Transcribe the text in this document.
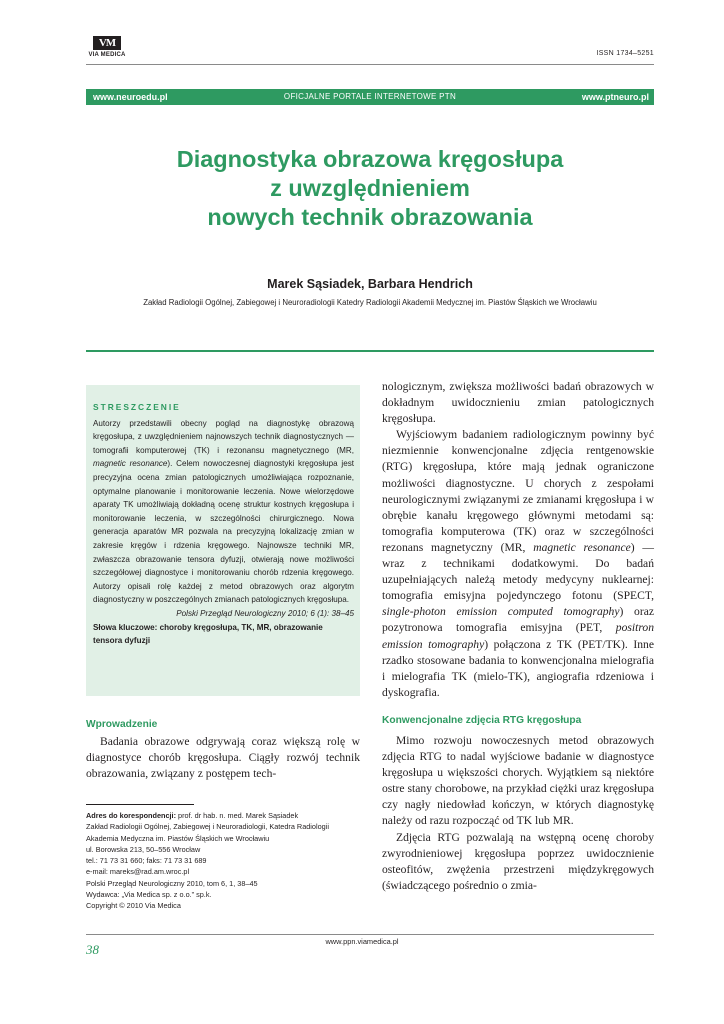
VM
VIA MEDICA	ISSN 1734–5251
www.neuroedu.pl	OFICJALNE PORTALE INTERNETOWE PTN	www.ptneuro.pl
Diagnostyka obrazowa kręgosłupa
z uwzględnieniem
nowych technik obrazowania
Marek Sąsiadek, Barbara Hendrich
Zakład Radiologii Ogólnej, Zabiegowej i Neuroradiologii Katedry Radiologii Akademii Medycznej im. Piastów Śląskich we Wrocławiu
STRESZCZENIE
Autorzy przedstawili obecny pogląd na diagnostykę obrazową kręgosłupa, z uwzględnieniem najnowszych technik diagnostycznych — tomografii komputerowej (TK) i rezonansu magnetycznego (MR, magnetic resonance). Celem nowoczesnej diagnostyki kręgosłupa jest precyzyjna ocena zmian patologicznych umożliwiająca rozpoznanie, optymalne planowanie i monitorowanie leczenia. Nowe wielorzędowe aparaty TK umożliwiają dokładną ocenę struktur kostnych kręgosłupa i monitorowanie leczenia, w szczególności chirurgicznego. Nowa generacja aparatów MR pozwala na precyzyjną lokalizację zmian w zakresie kręgów i rdzenia kręgowego. Najnowsze techniki MR, zwłaszcza obrazowanie tensora dyfuzji, otwierają nowe możliwości szczegółowej diagnostyce i monitorowaniu chorób rdzenia kręgowego. Autorzy opisali rolę każdej z metod obrazowych oraz algorytm diagnostyczny w poszczególnych zmianach patologicznych kręgosłupa.
Polski Przegląd Neurologiczny 2010; 6 (1): 38–45
Słowa kluczowe: choroby kręgosłupa, TK, MR, obrazowanie tensora dyfuzji
Wprowadzenie

Badania obrazowe odgrywają coraz większą rolę w diagnostyce chorób kręgosłupa. Ciągły rozwój technik obrazowania, związany z postępem tech-

Adres do korespondencji: prof. dr hab. n. med. Marek Sąsiadek
Zakład Radiologii Ogólnej, Zabiegowej i Neuroradiologii, Katedra Radiologii
Akademia Medyczna im. Piastów Śląskich we Wrocławiu
ul. Borowska 213, 50–556 Wrocław
tel.: 71 73 31 660; faks: 71 73 31 689
e-mail: mareks@rad.am.wroc.pl
Polski Przegląd Neurologiczny 2010, tom 6, 1, 38–45
Wydawca: „Via Medica sp. z o.o.” sp.k.
Copyright © 2010 Via Medica

nologicznym, zwiększa możliwości badań obrazowych w dokładnym uwidocznieniu zmian patologicznych kręgosłupa.

Wyjściowym badaniem radiologicznym powinny być niezmiennie konwencjonalne zdjęcia rentgenowskie (RTG) kręgosłupa, które mają jednak ograniczone możliwości diagnostyczne. U chorych z zespołami neurologicznymi związanymi ze zmianami kręgosłupa i w obrębie kanału kręgowego głównymi metodami są: tomografia komputerowa (TK) oraz w szczególności rezonans magnetyczny (MR, magnetic resonance) — wraz z technikami dodatkowymi. Do badań uzupełniających należą metody medycyny nuklearnej: tomografia emisyjna pojedynczego fotonu (SPECT, single-photon emission computed tomography) oraz pozytronowa tomografia emisyjna (PET, positron emission tomography) połączona z TK (PET/TK). Inne rzadko stosowane badania to konwencjonalna mielografia i mielografia TK (mielo-TK), angiografia rdzeniowa i dyskografia.

Konwencjonalne zdjęcia RTG kręgosłupa

Mimo rozwoju nowoczesnych metod obrazowych zdjęcia RTG to nadal wyjściowe badanie w diagnostyce kręgosłupa u większości chorych. Wyjątkiem są niektóre ostre stany chorobowe, na przykład ciężki uraz kręgosłupa czy nagły niedowład kończyn, w których diagnostykę należy od razu rozpocząć od TK lub MR.

Zdjęcia RTG pozwalają na wstępną ocenę choroby zwyrodnieniowej kręgosłupa poprzez uwidocznienie osteofitów, zwężenia przestrzeni międzykręgowych (świadczącego pośrednio o zmia-

www.ppn.viamedica.pl
38
